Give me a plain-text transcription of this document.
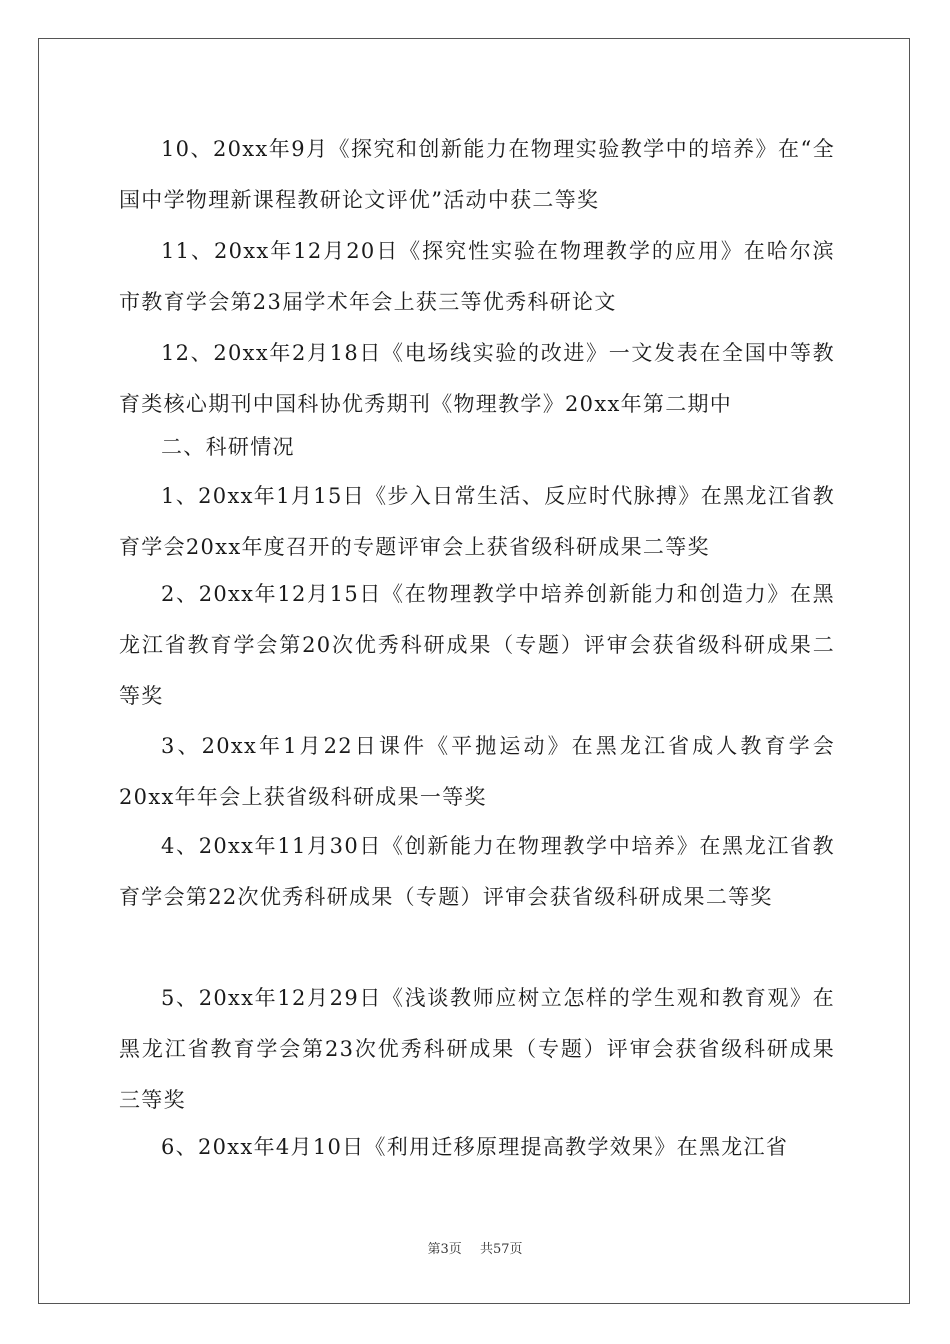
10、20xx年9月《探究和创新能力在物理实验教学中的培养》在“全国中学物理新课程教研论文评优”活动中获二等奖

11、20xx年12月20日《探究性实验在物理教学的应用》在哈尔滨市教育学会第23届学术年会上获三等优秀科研论文

12、20xx年2月18日《电场线实验的改进》一文发表在全国中等教育类核心期刊中国科协优秀期刊《物理教学》20xx年第二期中

二、科研情况

1、20xx年1月15日《步入日常生活、反应时代脉搏》在黑龙江省教育学会20xx年度召开的专题评审会上获省级科研成果二等奖

2、20xx年12月15日《在物理教学中培养创新能力和创造力》在黑龙江省教育学会第20次优秀科研成果（专题）评审会获省级科研成果二等奖

3、20xx年1月22日课件《平抛运动》在黑龙江省成人教育学会20xx年年会上获省级科研成果一等奖

4、20xx年11月30日《创新能力在物理教学中培养》在黑龙江省教育学会第22次优秀科研成果（专题）评审会获省级科研成果二等奖

5、20xx年12月29日《浅谈教师应树立怎样的学生观和教育观》在黑龙江省教育学会第23次优秀科研成果（专题）评审会获省级科研成果三等奖

6、20xx年4月10日《利用迁移原理提高教学效果》在黑龙江省

第3页 共57页
